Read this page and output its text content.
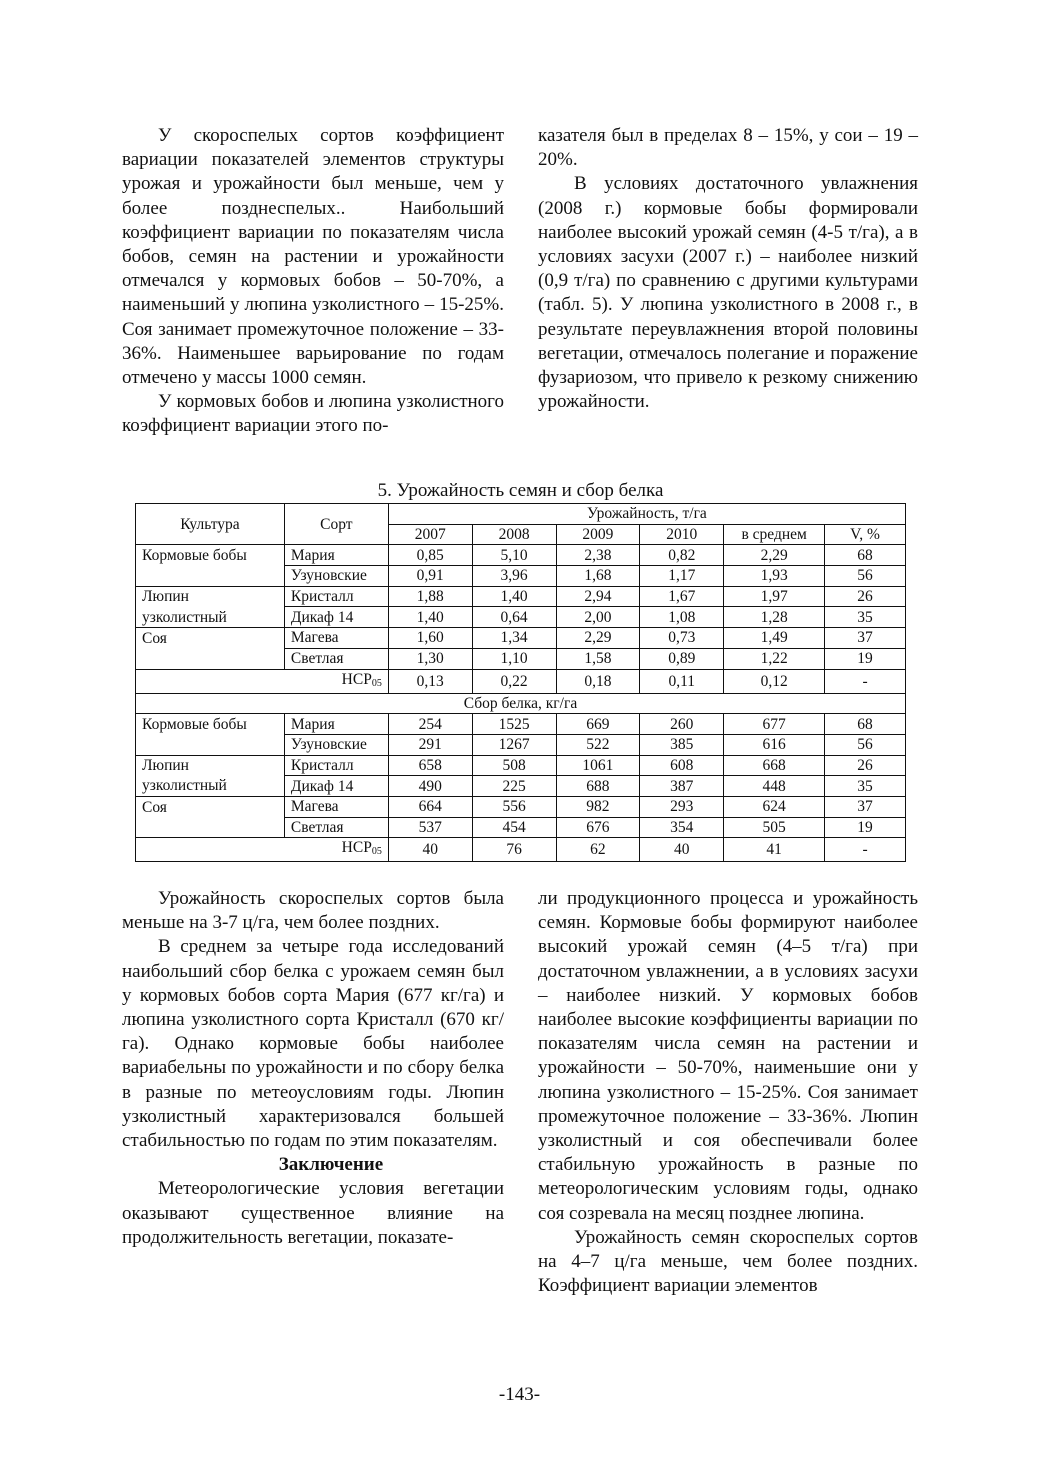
У скороспелых сортов коэффициент вариации показателей элементов структуры урожая и урожайности был меньше, чем у более позднеспелых.. Наибольший коэффициент вариации по показателям числа бобов, семян на растении и урожайности отмечался у кормовых бобов – 50-70%, а наименьший у люпина узколистного – 15-25%. Соя занимает промежуточное положение – 33-36%. Наименьшее варьирование по годам отмечено у массы 1000 семян.

У кормовых бобов и люпина узколистного коэффициент вариации этого по-

казателя был в пределах 8 – 15%, у сои – 19 – 20%.

В условиях достаточного увлажнения (2008 г.) кормовые бобы формировали наиболее высокий урожай семян (4-5 т/га), а в условиях засухи (2007 г.) – наиболее низкий (0,9 т/га) по сравнению с другими культурами (табл. 5). У люпина узколистного в 2008 г., в результате переувлажнения второй половины вегетации, отмечалось полегание и поражение фузариозом, что привело к резкому снижению урожайности.

5. Урожайность семян и сбор белка
Культура	Сорт	Урожайность, т/га					
		2007	2008	2009	2010	в среднем	V, %
Кормовые бобы	Мария	0,85	5,10	2,38	0,82	2,29	68
	Узуновские	0,91	3,96	1,68	1,17	1,93	56
Люпин	Кристалл	1,88	1,40	2,94	1,67	1,97	26
узколистный	Дикаф 14	1,40	0,64	2,00	1,08	1,28	35
Соя	Магева	1,60	1,34	2,29	0,73	1,49	37
	Светлая	1,30	1,10	1,58	0,89	1,22	19
$НСР_{05}$		0,13	0,22	0,18	0,11	0,12	-
Сбор белка, кг/га							
Кормовые бобы	Мария	254	1525	669	260	677	68
	Узуновские	291	1267	522	385	616	56
Люпин	Кристалл	658	508	1061	608	668	26
узколистный	Дикаф 14	490	225	688	387	448	35
Соя	Магева	664	556	982	293	624	37
	Светлая	537	454	676	354	505	19
$НСР_{05}$		40	76	62	40	41	-

Урожайность скороспелых сортов была меньше на 3-7 ц/га, чем более поздних.

В среднем за четыре года исследований наибольший сбор белка с урожаем семян был у кормовых бобов сорта Мария (677 кг/га) и люпина узколистного сорта Кристалл (670 кг/га). Однако кормовые бобы наиболее вариабельны по урожайности и по сбору белка в разные по метеоусловиям годы. Люпин узколистный характеризовался большей стабильностью по годам по этим показателям.

Заключение

Метеорологические условия вегетации оказывают существенное влияние на продолжительность вегетации, показате-

ли продукционного процесса и урожайность семян. Кормовые бобы формируют наиболее высокий урожай семян (4–5 т/га) при достаточном увлажнении, а в условиях засухи – наиболее низкий. У кормовых бобов наиболее высокие коэффициенты вариации по показателям числа семян на растении и урожайности – 50-70%, наименьшие они у люпина узколистного – 15-25%. Соя занимает промежуточное положение – 33-36%. Люпин узколистный и соя обеспечивали более стабильную урожайность в разные по метеорологическим условиям годы, однако соя созревала на месяц позднее люпина.

Урожайность семян скороспелых сортов на 4–7 ц/га меньше, чем более поздних. Коэффициент вариации элементов

-143-
